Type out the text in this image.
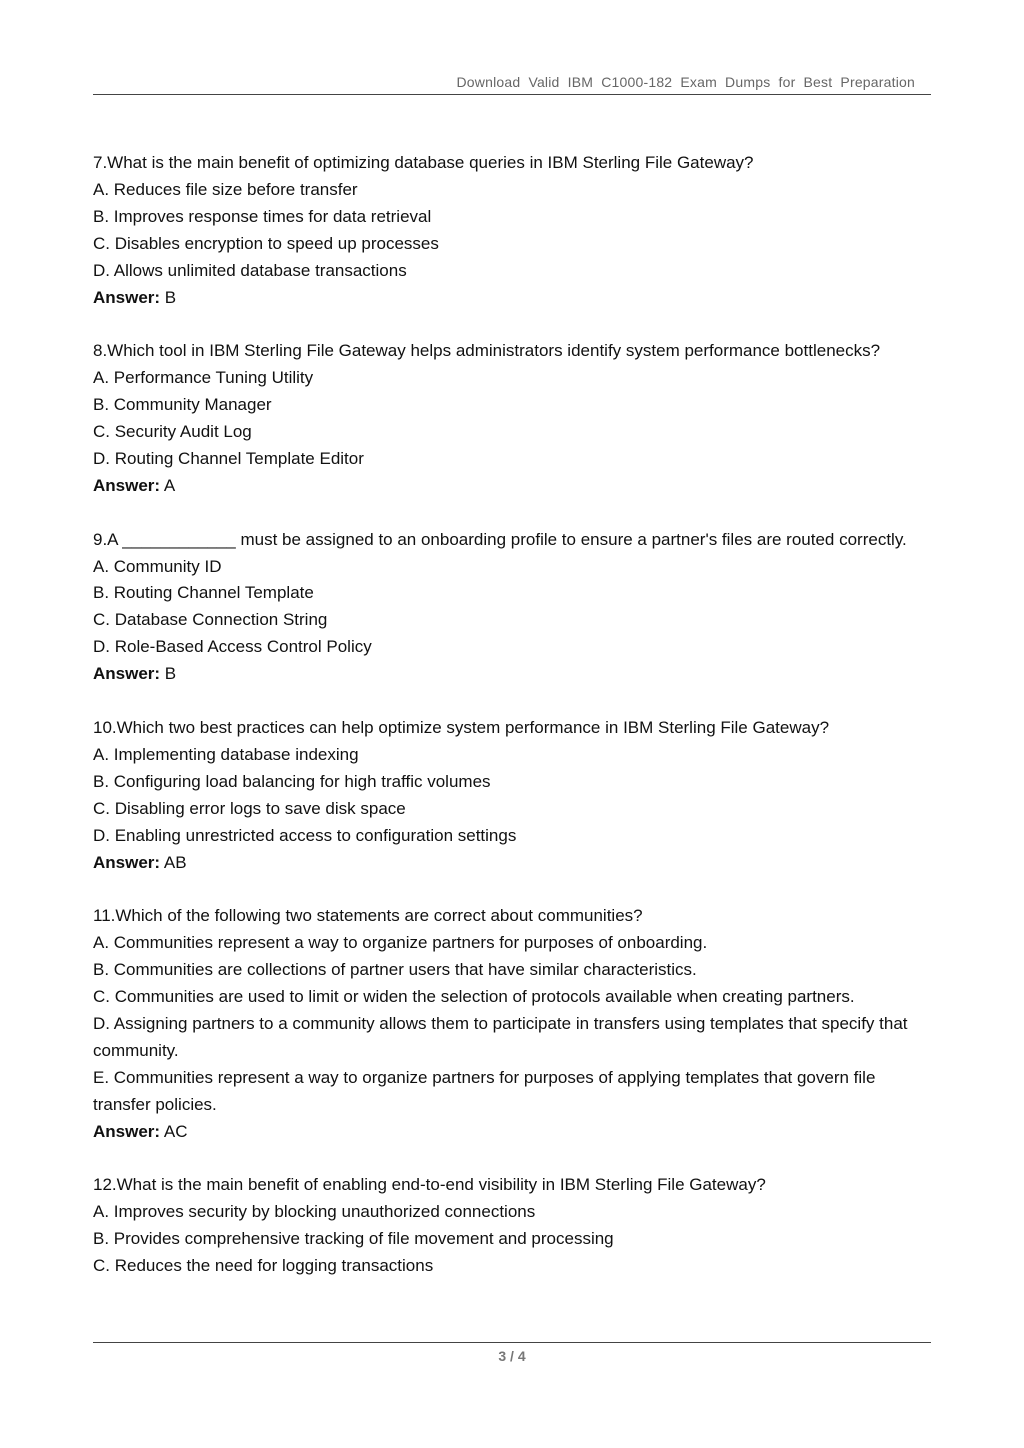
Download Valid IBM C1000-182 Exam Dumps for Best Preparation

7.What is the main benefit of optimizing database queries in IBM Sterling File Gateway?

A. Reduces file size before transfer

B. Improves response times for data retrieval

C. Disables encryption to speed up processes

D. Allows unlimited database transactions

Answer: B

8.Which tool in IBM Sterling File Gateway helps administrators identify system performance bottlenecks?

A. Performance Tuning Utility

B. Community Manager

C. Security Audit Log

D. Routing Channel Template Editor

Answer: A

9.A ____________ must be assigned to an onboarding profile to ensure a partner's files are routed correctly.

A. Community ID

B. Routing Channel Template

C. Database Connection String

D. Role-Based Access Control Policy

Answer: B

10.Which two best practices can help optimize system performance in IBM Sterling File Gateway?

A. Implementing database indexing

B. Configuring load balancing for high traffic volumes

C. Disabling error logs to save disk space

D. Enabling unrestricted access to configuration settings

Answer: AB

11.Which of the following two statements are correct about communities?

A. Communities represent a way to organize partners for purposes of onboarding.

B. Communities are collections of partner users that have similar characteristics.

C. Communities are used to limit or widen the selection of protocols available when creating partners.

D. Assigning partners to a community allows them to participate in transfers using templates that specify that community.

E. Communities represent a way to organize partners for purposes of applying templates that govern file transfer policies.

Answer: AC

12.What is the main benefit of enabling end-to-end visibility in IBM Sterling File Gateway?

A. Improves security by blocking unauthorized connections

B. Provides comprehensive tracking of file movement and processing

C. Reduces the need for logging transactions

3 / 4
